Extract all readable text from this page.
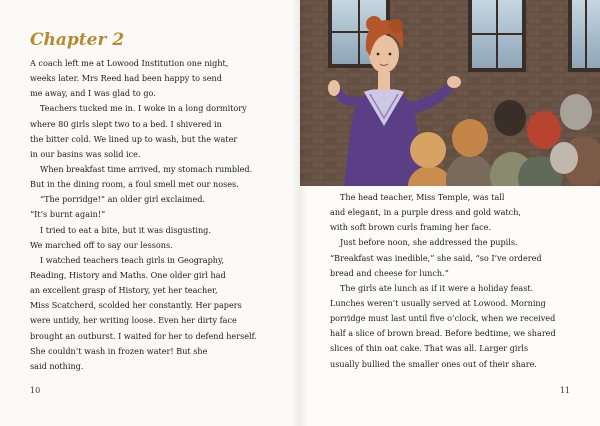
Chapter 2
A coach left me at Lowood Institution one night,
weeks later. Mrs Reed had been happy to send
me away, and I was glad to go.
Teachers tucked me in. I woke in a long dormitory
where 80 girls slept two to a bed. I shivered in
the bitter cold. We lined up to wash, but the water
in our basins was solid ice.
When breakfast time arrived, my stomach rumbled.
But in the dining room, a foul smell met our noses.
“The porridge!” an older girl exclaimed.
“It’s burnt again!”
I tried to eat a bite, but it was disgusting.
We marched off to say our lessons.
I watched teachers teach girls in Geography,
Reading, History and Maths. One older girl had
an excellent grasp of History, yet her teacher,
Miss Scatcherd, scolded her constantly. Her papers
were untidy, her writing loose. Even her dirty face
brought an outburst. I waited for her to defend herself.
She couldn’t wash in frozen water! But she
said nothing.
10
The head teacher, Miss Temple, was tall
and elegant, in a purple dress and gold watch,
with soft brown curls framing her face.
Just before noon, she addressed the pupils.
“Breakfast was inedible,” she said, “so I’ve ordered
bread and cheese for lunch.”
The girls ate lunch as if it were a holiday feast.
Lunches weren’t usually served at Lowood. Morning
porridge must last until five o’clock, when we received
half a slice of brown bread. Before bedtime, we shared
slices of thin oat cake. That was all. Larger girls
usually bullied the smaller ones out of their share.
11
